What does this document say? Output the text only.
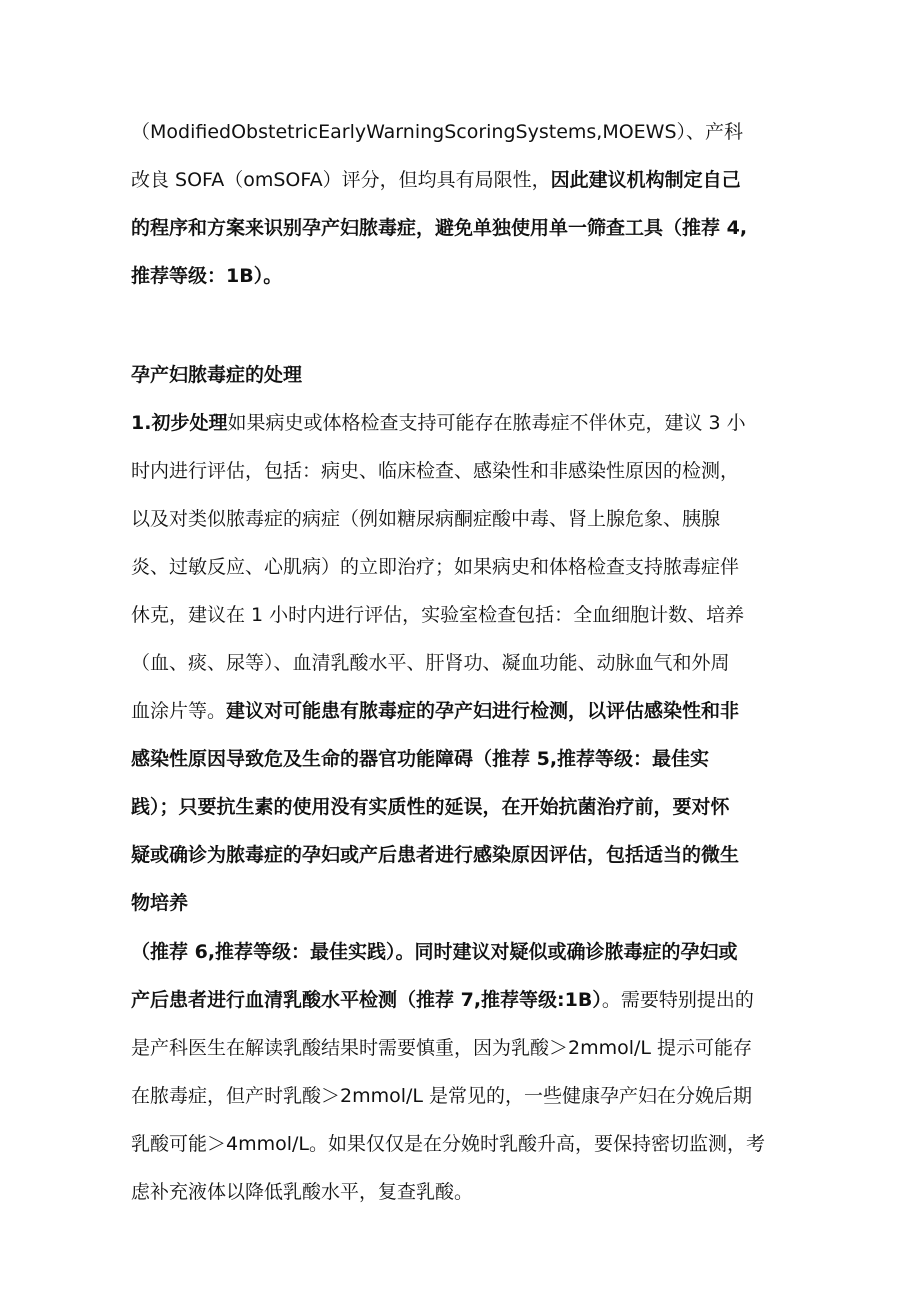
（ModifiedObstetricEarlyWarningScoringSystems,MOEWS）、产科
改良 SOFA（omSOFA）评分，但均具有局限性，因此建议机构制定自己
的程序和方案来识别孕产妇脓毒症，避免单独使用单一筛查工具（推荐 4,
推荐等级：1B）。
孕产妇脓毒症的处理
1.初步处理如果病史或体格检查支持可能存在脓毒症不伴休克，建议 3 小
时内进行评估，包括：病史、临床检查、感染性和非感染性原因的检测，
以及对类似脓毒症的病症（例如糖尿病酮症酸中毒、肾上腺危象、胰腺
炎、过敏反应、心肌病）的立即治疗；如果病史和体格检查支持脓毒症伴
休克，建议在 1 小时内进行评估，实验室检查包括：全血细胞计数、培养
（血、痰、尿等）、血清乳酸水平、肝肾功、凝血功能、动脉血气和外周
血涂片等。建议对可能患有脓毒症的孕产妇进行检测，以评估感染性和非
感染性原因导致危及生命的器官功能障碍（推荐 5,推荐等级：最佳实
践）；只要抗生素的使用没有实质性的延误，在开始抗菌治疗前，要对怀
疑或确诊为脓毒症的孕妇或产后患者进行感染原因评估，包括适当的微生
物培养
（推荐 6,推荐等级：最佳实践）。同时建议对疑似或确诊脓毒症的孕妇或
产后患者进行血清乳酸水平检测（推荐 7,推荐等级:1B）。需要特别提出的
是产科医生在解读乳酸结果时需要慎重，因为乳酸＞2mmol/L 提示可能存
在脓毒症，但产时乳酸＞2mmol/L 是常见的，一些健康孕产妇在分娩后期
乳酸可能＞4mmol/L。如果仅仅是在分娩时乳酸升高，要保持密切监测，考
虑补充液体以降低乳酸水平，复查乳酸。
